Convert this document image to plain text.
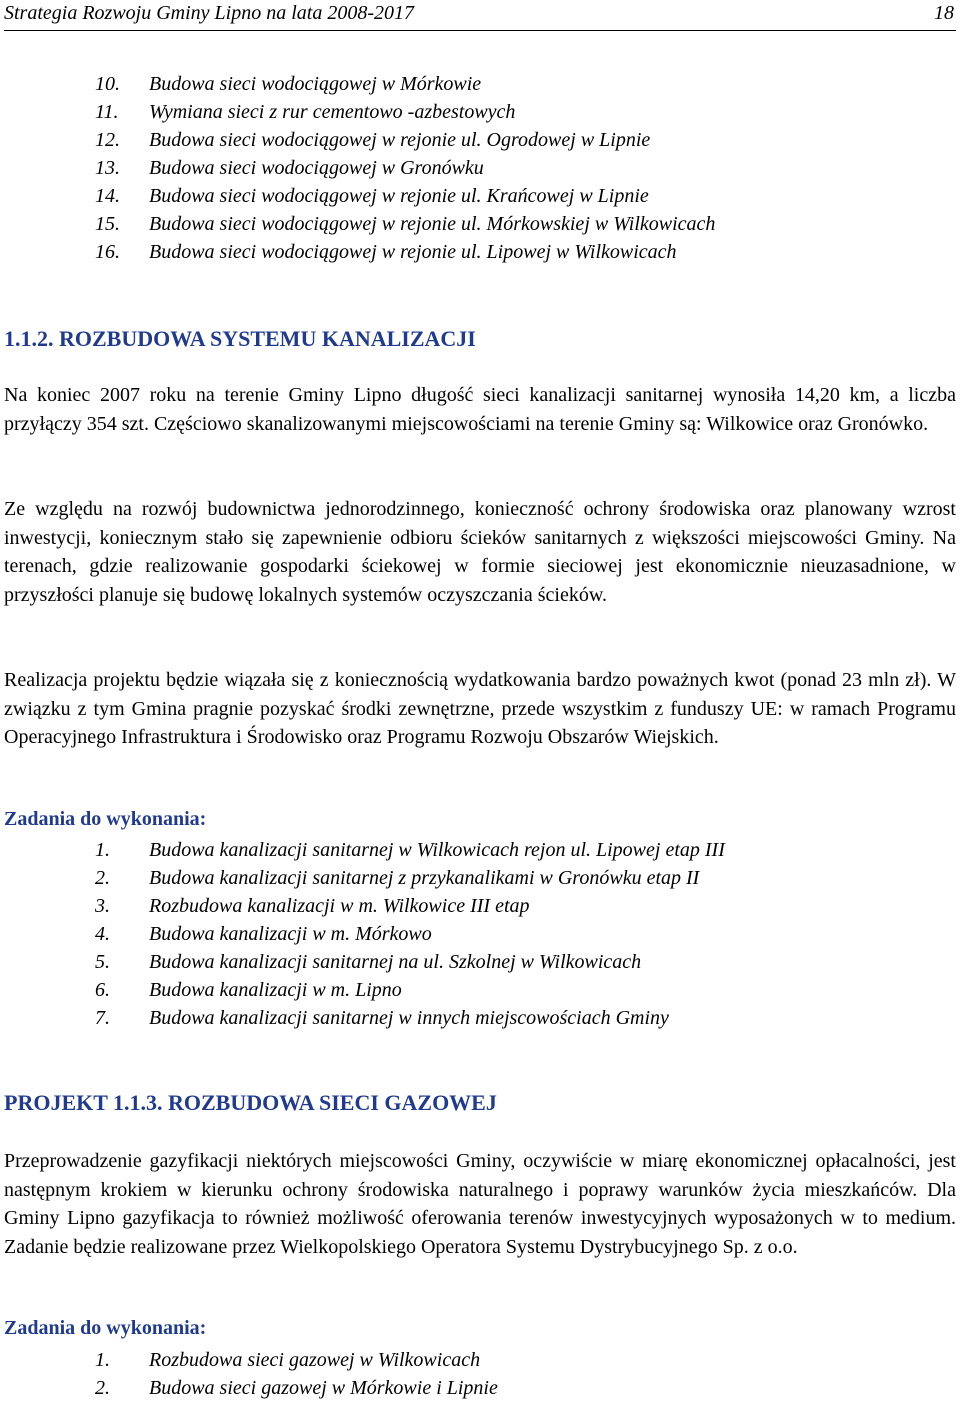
Strategia Rozwoju Gminy Lipno na lata 2008-2017	18
10. Budowa sieci wodociągowej w Mórkowie
11. Wymiana sieci z rur cementowo -azbestowych
12. Budowa sieci wodociągowej w rejonie ul. Ogrodowej w Lipnie
13. Budowa sieci wodociągowej w Gronówku
14. Budowa sieci wodociągowej w rejonie ul. Krańcowej w Lipnie
15. Budowa sieci wodociągowej w rejonie ul. Mórkowskiej w Wilkowicach
16. Budowa sieci wodociągowej w rejonie ul. Lipowej w Wilkowicach
1.1.2. ROZBUDOWA SYSTEMU KANALIZACJI

Na koniec 2007 roku na terenie Gminy Lipno długość sieci kanalizacji sanitarnej wynosiła 14,20 km, a liczba przyłączy 354 szt. Częściowo skanalizowanymi miejscowościami na terenie Gminy są: Wilkowice oraz Gronówko.

Ze względu na rozwój budownictwa jednorodzinnego, konieczność ochrony środowiska oraz planowany wzrost inwestycji, koniecznym stało się zapewnienie odbioru ścieków sanitarnych z większości miejscowości Gminy. Na terenach, gdzie realizowanie gospodarki ściekowej w formie sieciowej jest ekonomicznie nieuzasadnione, w przyszłości planuje się budowę lokalnych systemów oczyszczania ścieków.

Realizacja projektu będzie wiązała się z koniecznością wydatkowania bardzo poważnych kwot (ponad 23 mln zł). W związku z tym Gmina pragnie pozyskać środki zewnętrzne, przede wszystkim z funduszy UE: w ramach Programu Operacyjnego Infrastruktura i Środowisko oraz Programu Rozwoju Obszarów Wiejskich.

Zadania do wykonania:
1. Budowa kanalizacji sanitarnej w Wilkowicach rejon ul. Lipowej etap III
2. Budowa kanalizacji sanitarnej z przykanalikami w Gronówku etap II
3. Rozbudowa kanalizacji w m. Wilkowice III etap
4. Budowa kanalizacji w m. Mórkowo
5. Budowa kanalizacji sanitarnej na ul. Szkolnej w Wilkowicach
6. Budowa kanalizacji w m. Lipno
7. Budowa kanalizacji sanitarnej w innych miejscowościach Gminy
PROJEKT 1.1.3. ROZBUDOWA SIECI GAZOWEJ

Przeprowadzenie gazyfikacji niektórych miejscowości Gminy, oczywiście w miarę ekonomicznej opłacalności, jest następnym krokiem w kierunku ochrony środowiska naturalnego i poprawy warunków życia mieszkańców. Dla Gminy Lipno gazyfikacja to również możliwość oferowania terenów inwestycyjnych wyposażonych w to medium. Zadanie będzie realizowane przez Wielkopolskiego Operatora Systemu Dystrybucyjnego Sp. z o.o.

Zadania do wykonania:
1. Rozbudowa sieci gazowej w Wilkowicach
2. Budowa sieci gazowej w Mórkowie i Lipnie
